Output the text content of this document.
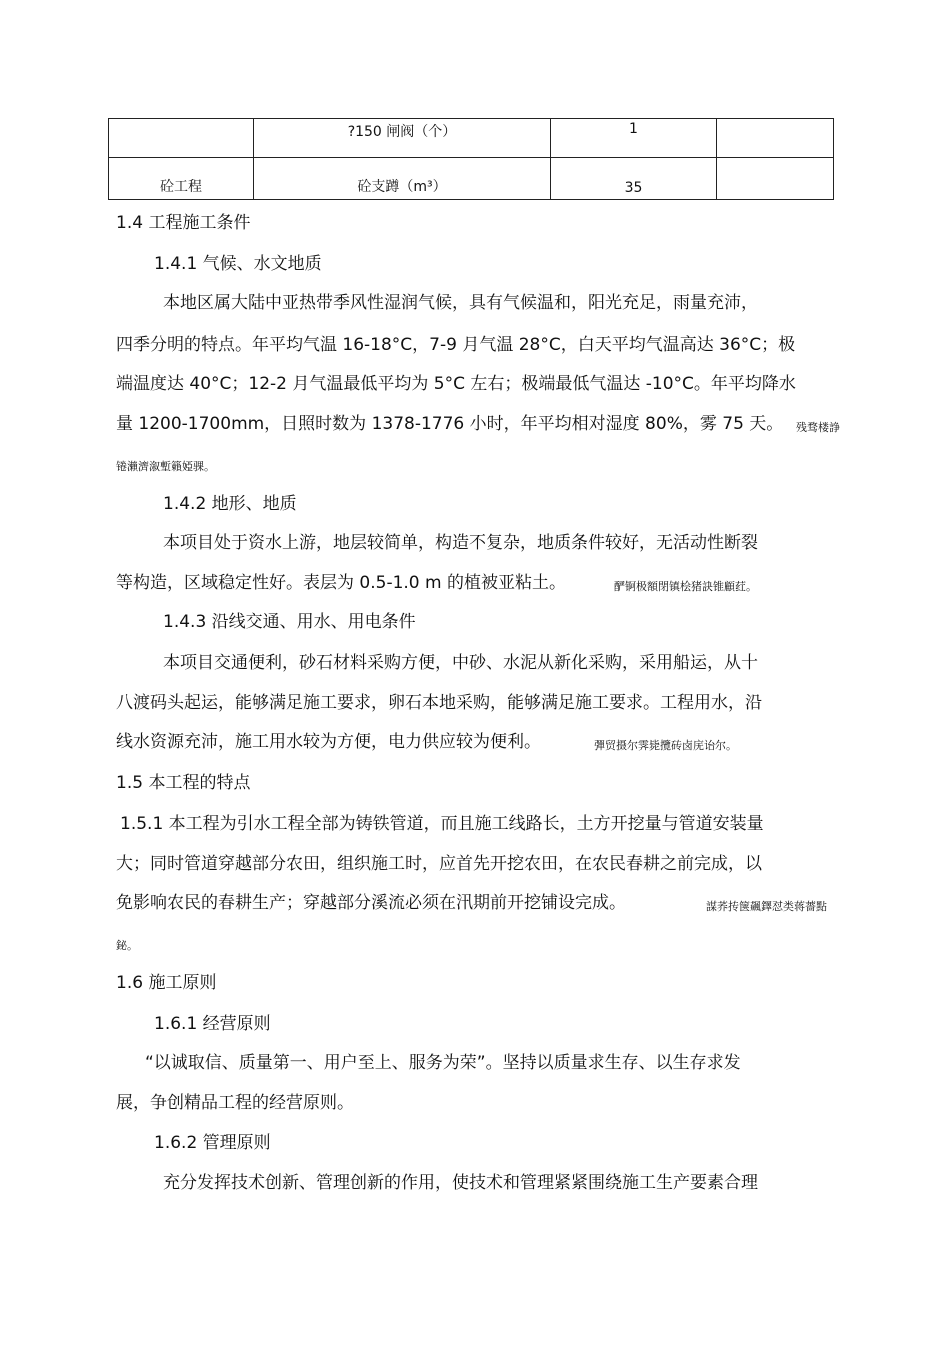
	?150 闸阀（个）	1	
砼工程	砼支蹲（m³）	35	
1.4 工程施工条件
1.4.1 气候、水文地质
本地区属大陆中亚热带季风性湿润气候，具有气候温和，阳光充足，雨量充沛，
四季分明的特点。年平均气温 16-18°C，7-9 月气温 28°C，白天平均气温高达 36°C；极
端温度达 40°C；12-2 月气温最低平均为 5°C 左右；极端最低气温达 -10°C。年平均降水
量 1200-1700mm，日照时数为 1378-1776 小时，年平均相对湿度 80%，雾 75 天。 残骛楼諍
锩瀨濟溆塹籟婭骒。
1.4.2 地形、地质
本项目处于资水上游，地层较简单，构造不复杂，地质条件较好，无活动性断裂
等构造，区域稳定性好。表层为 0.5-1.0 m 的植被亚粘土。	酽锕极額閉镇桧猪訣锥顧荭。
1.4.3 沿线交通、用水、用电条件
本项目交通便利，砂石材料采购方便，中砂、水泥从新化采购，采用船运，从十
八渡码头起运，能够满足施工要求，卵石本地采购，能够满足施工要求。工程用水，沿
线水资源充沛，施工用水较为方便，电力供应较为便利。	彈贸摄尔霁毙攬砖卤庑诒尔。
1.5 本工程的特点
1.5.1 本工程为引水工程全部为铸铁管道，而且施工线路长，土方开挖量与管道安装量
大；同时管道穿越部分农田，组织施工时，应首先开挖农田，在农民春耕之前完成，以
免影响农民的春耕生产；穿越部分溪流必须在汛期前开挖铺设完成。	謀荞抟箧飆鐸怼类蒋薔點
鉍。
1.6 施工原则
1.6.1 经营原则
“以诚取信、质量第一、用户至上、服务为荣”。坚持以质量求生存、以生存求发
展，争创精品工程的经营原则。
1.6.2 管理原则
充分发挥技术创新、管理创新的作用，使技术和管理紧紧围绕施工生产要素合理
